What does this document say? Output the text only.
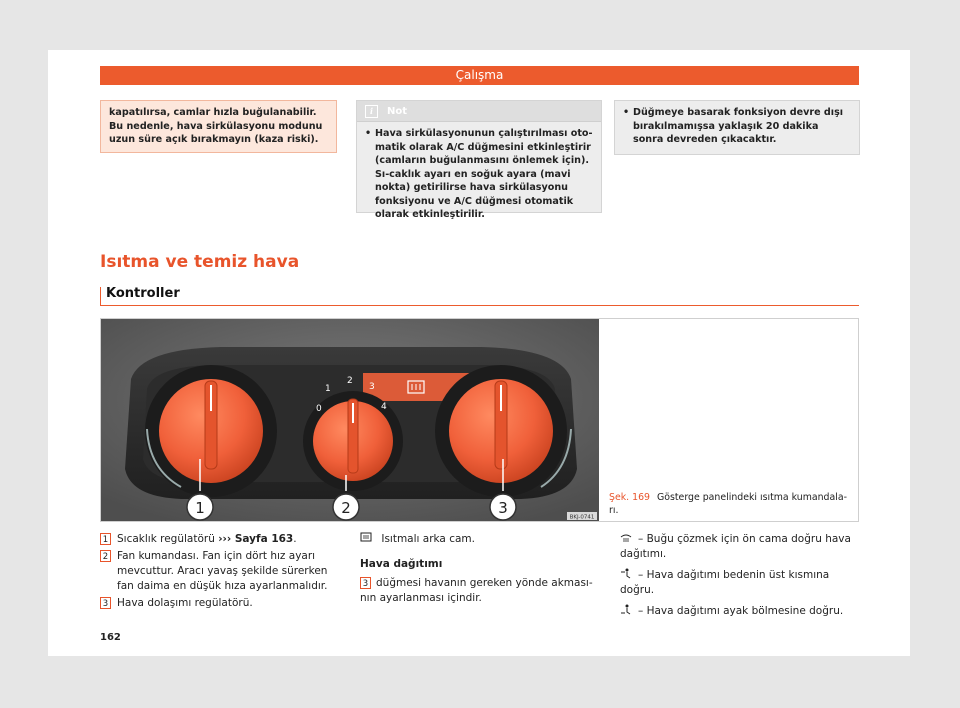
Çalışma
kapatılırsa, camlar hızla buğulanabilir. Bu nedenle, hava sirkülasyonu modunu uzun süre açık bırakmayın (kaza riski).
i	Not
• Hava sirkülasyonunun çalıştırılması oto-matik olarak A/C düğmesini etkinleştirir (camların buğulanmasını önlemek için). Sı-caklık ayarı en soğuk ayara (mavi nokta) getirilirse hava sirkülasyonu fonksiyonu ve A/C düğmesi otomatik olarak etkinleştirilir.
• Düğmeye basarak fonksiyon devre dışı bırakılmamışsa yaklaşık 20 dakika sonra devreden çıkacaktır.
Isıtma ve temiz hava
Kontroller
0
1
2
3
4
1	2	3
BKJ-0741
Şek. 169 Gösterge panelindeki ısıtma kumandala-rı.
1 Sıcaklık regülatörü ››› Sayfa 163.
2 Fan kumandası. Fan için dört hız ayarı mevcuttur. Aracı yavaş şekilde sürerken fan daima en düşük hıza ayarlanmalıdır.
3 Hava dolaşımı regülatörü.
Isıtmalı arka cam.
Hava dağıtımı
3 düğmesi havanın gereken yönde akması-nın ayarlanması içindir.
– Buğu çözmek için ön cama doğru hava dağıtımı.
– Hava dağıtımı bedenin üst kısmına doğru.
– Hava dağıtımı ayak bölmesine doğru.
162
